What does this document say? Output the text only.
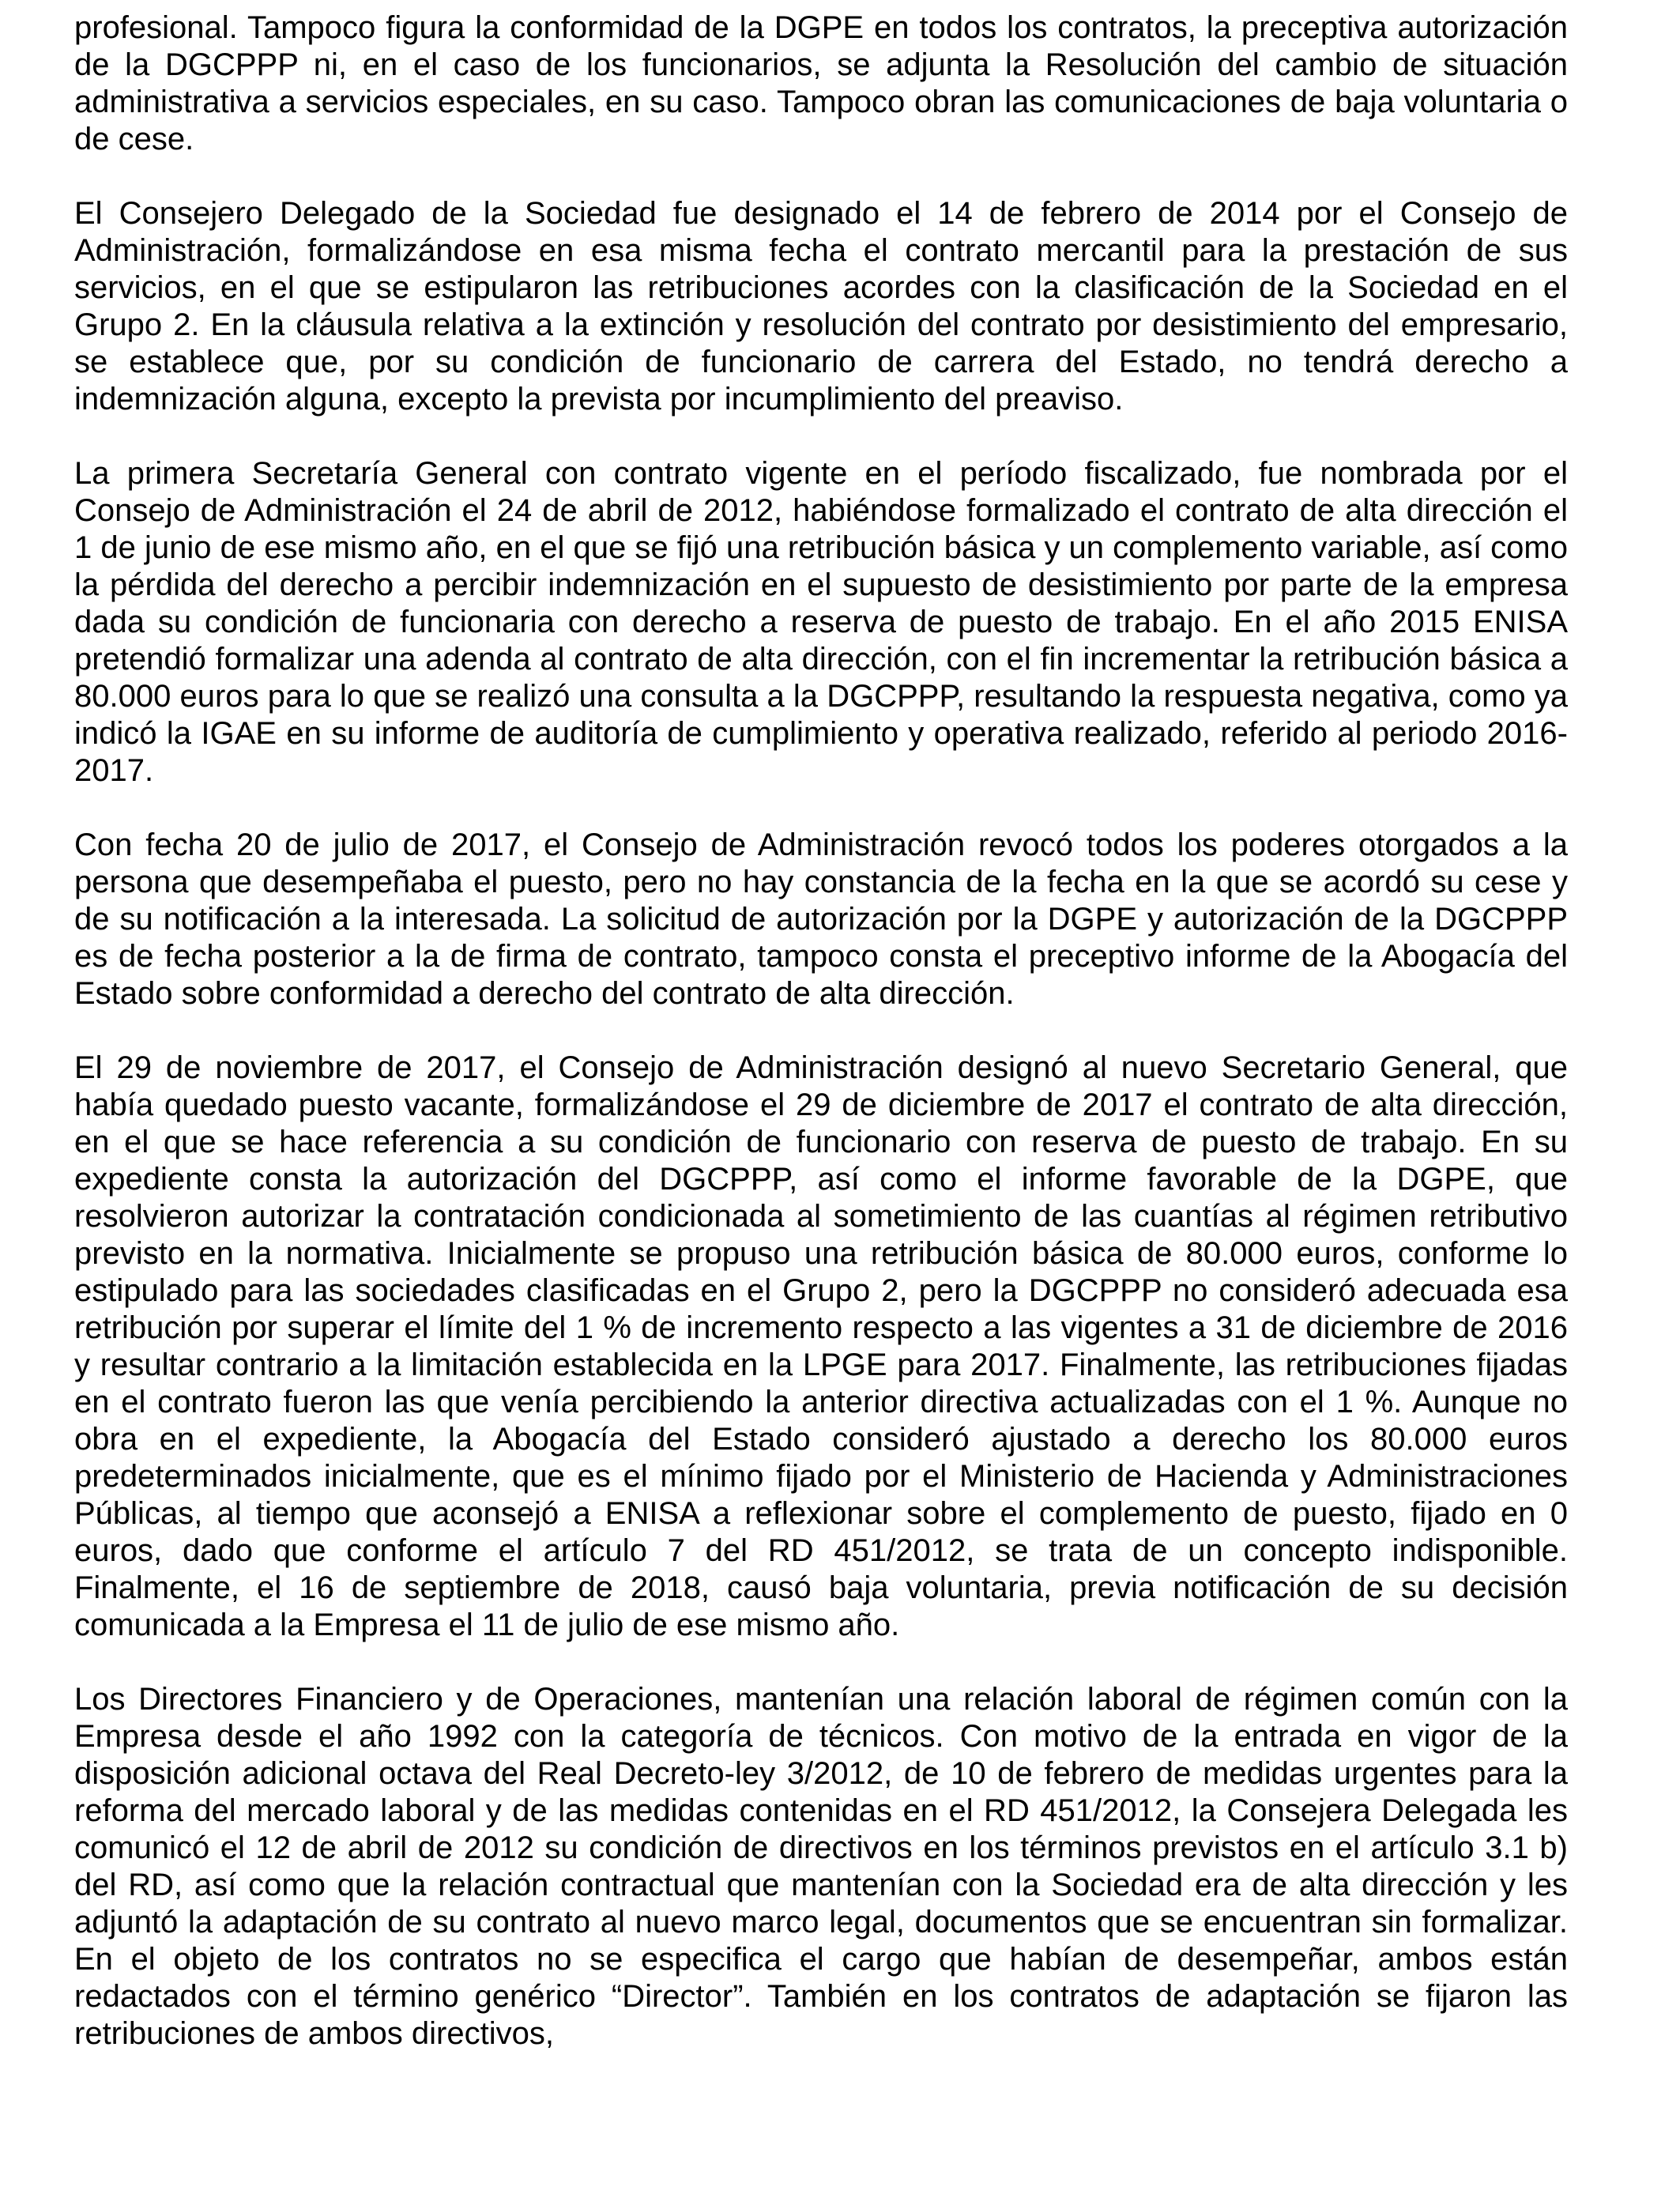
profesional. Tampoco figura la conformidad de la DGPE en todos los contratos, la preceptiva autorización de la DGCPPP ni, en el caso de los funcionarios, se adjunta la Resolución del cambio de situación administrativa a servicios especiales, en su caso. Tampoco obran las comunicaciones de baja voluntaria o de cese.

El Consejero Delegado de la Sociedad fue designado el 14 de febrero de 2014 por el Consejo de Administración, formalizándose en esa misma fecha el contrato mercantil para la prestación de sus servicios, en el que se estipularon las retribuciones acordes con la clasificación de la Sociedad en el Grupo 2. En la cláusula relativa a la extinción y resolución del contrato por desistimiento del empresario, se establece que, por su condición de funcionario de carrera del Estado, no tendrá derecho a indemnización alguna, excepto la prevista por incumplimiento del preaviso.

La primera Secretaría General con contrato vigente en el período fiscalizado, fue nombrada por el Consejo de Administración el 24 de abril de 2012, habiéndose formalizado el contrato de alta dirección el 1 de junio de ese mismo año, en el que se fijó una retribución básica y un complemento variable, así como la pérdida del derecho a percibir indemnización en el supuesto de desistimiento por parte de la empresa dada su condición de funcionaria con derecho a reserva de puesto de trabajo. En el año 2015 ENISA pretendió formalizar una adenda al contrato de alta dirección, con el fin incrementar la retribución básica a 80.000 euros para lo que se realizó una consulta a la DGCPPP, resultando la respuesta negativa, como ya indicó la IGAE en su informe de auditoría de cumplimiento y operativa realizado, referido al periodo 2016-2017.

Con fecha 20 de julio de 2017, el Consejo de Administración revocó todos los poderes otorgados a la persona que desempeñaba el puesto, pero no hay constancia de la fecha en la que se acordó su cese y de su notificación a la interesada. La solicitud de autorización por la DGPE y autorización de la DGCPPP es de fecha posterior a la de firma de contrato, tampoco consta el preceptivo informe de la Abogacía del Estado sobre conformidad a derecho del contrato de alta dirección.

El 29 de noviembre de 2017, el Consejo de Administración designó al nuevo Secretario General, que había quedado puesto vacante, formalizándose el 29 de diciembre de 2017 el contrato de alta dirección, en el que se hace referencia a su condición de funcionario con reserva de puesto de trabajo. En su expediente consta la autorización del DGCPPP, así como el informe favorable de la DGPE, que resolvieron autorizar la contratación condicionada al sometimiento de las cuantías al régimen retributivo previsto en la normativa. Inicialmente se propuso una retribución básica de 80.000 euros, conforme lo estipulado para las sociedades clasificadas en el Grupo 2, pero la DGCPPP no consideró adecuada esa retribución por superar el límite del 1 % de incremento respecto a las vigentes a 31 de diciembre de 2016 y resultar contrario a la limitación establecida en la LPGE para 2017. Finalmente, las retribuciones fijadas en el contrato fueron las que venía percibiendo la anterior directiva actualizadas con el 1 %. Aunque no obra en el expediente, la Abogacía del Estado consideró ajustado a derecho los 80.000 euros predeterminados inicialmente, que es el mínimo fijado por el Ministerio de Hacienda y Administraciones Públicas, al tiempo que aconsejó a ENISA a reflexionar sobre el complemento de puesto, fijado en 0 euros, dado que conforme el artículo 7 del RD 451/2012, se trata de un concepto indisponible. Finalmente, el 16 de septiembre de 2018, causó baja voluntaria, previa notificación de su decisión comunicada a la Empresa el 11 de julio de ese mismo año.

Los Directores Financiero y de Operaciones, mantenían una relación laboral de régimen común con la Empresa desde el año 1992 con la categoría de técnicos. Con motivo de la entrada en vigor de la disposición adicional octava del Real Decreto-ley 3/2012, de 10 de febrero de medidas urgentes para la reforma del mercado laboral y de las medidas contenidas en el RD 451/2012, la Consejera Delegada les comunicó el 12 de abril de 2012 su condición de directivos en los términos previstos en el artículo 3.1 b) del RD, así como que la relación contractual que mantenían con la Sociedad era de alta dirección y les adjuntó la adaptación de su contrato al nuevo marco legal, documentos que se encuentran sin formalizar. En el objeto de los contratos no se especifica el cargo que habían de desempeñar, ambos están redactados con el término genérico “Director”. También en los contratos de adaptación se fijaron las retribuciones de ambos directivos,
